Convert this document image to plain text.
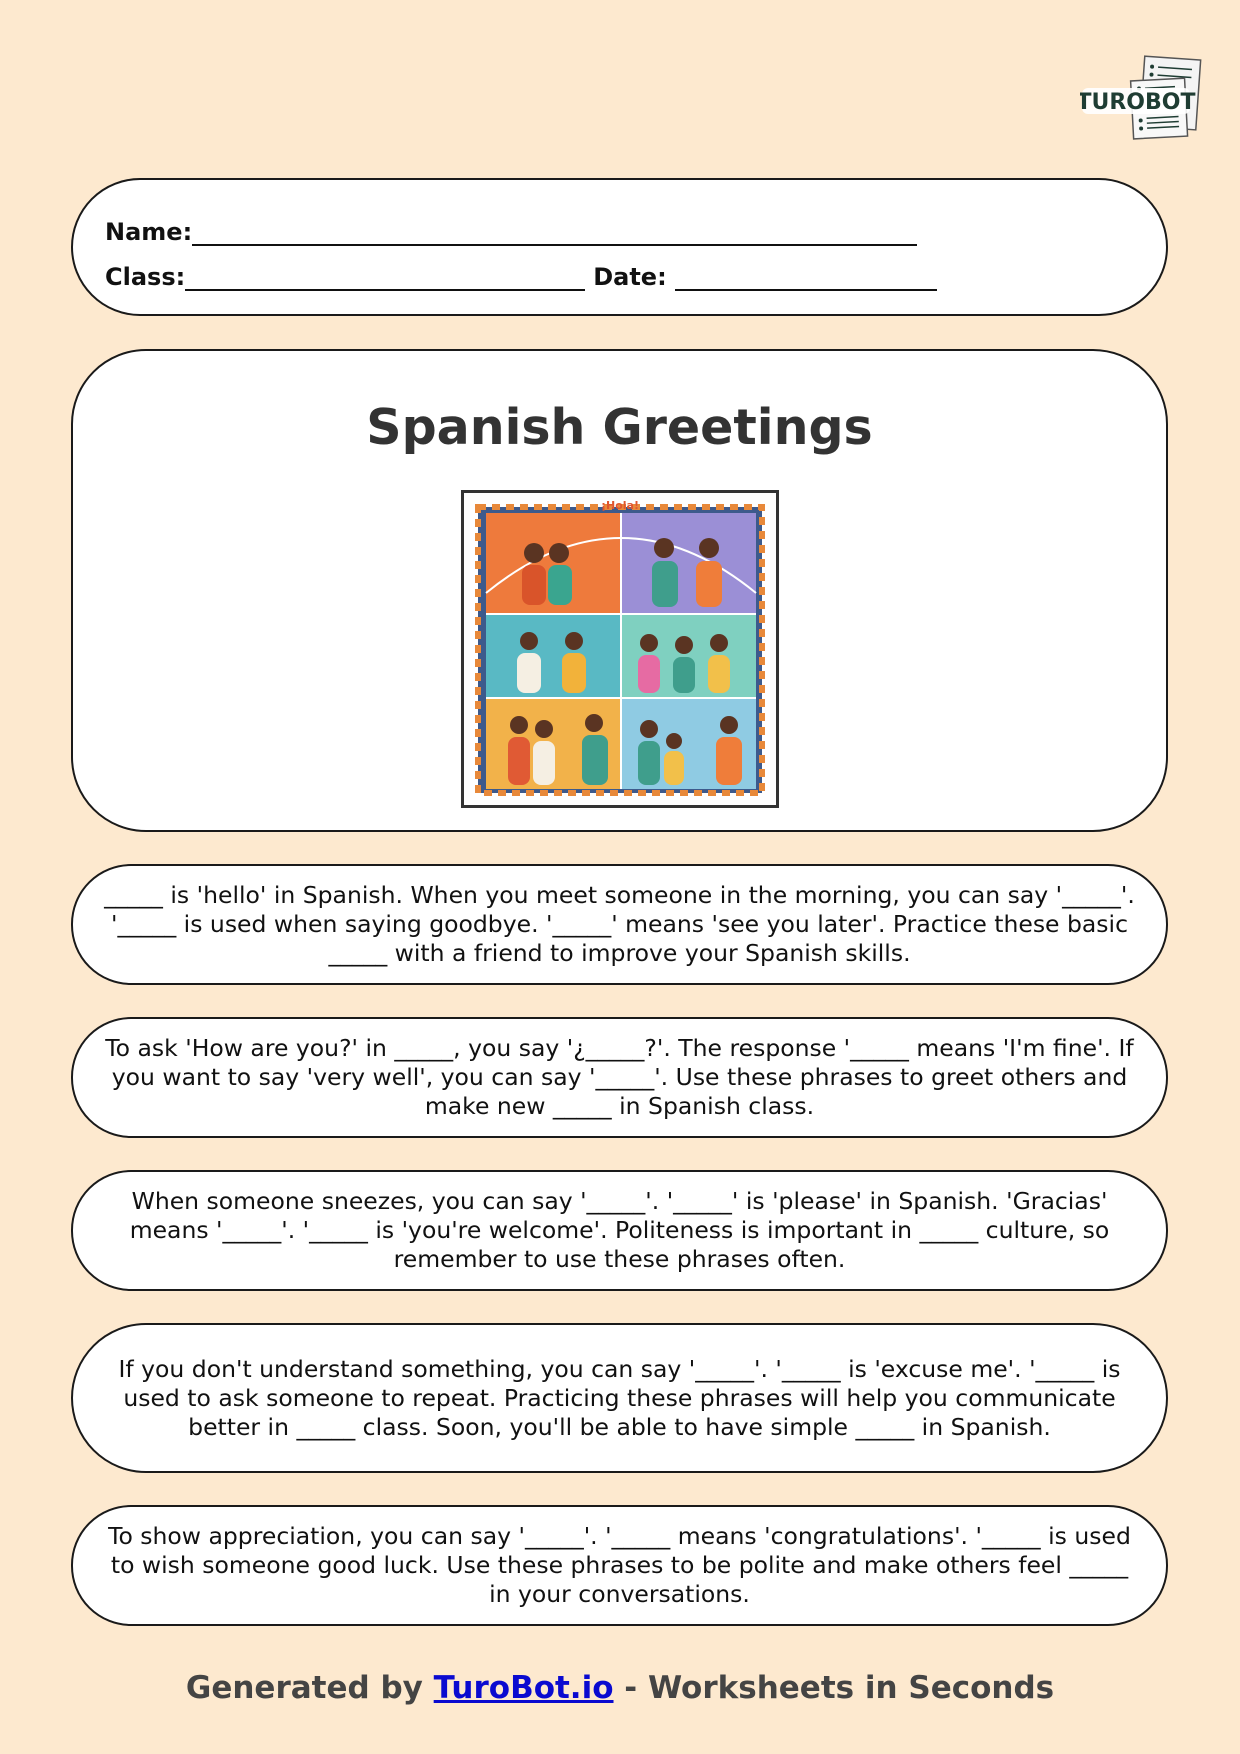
TUROBOT
Name:
Class:	Date:
Spanish Greetings
¡Hola!
_____ is 'hello' in Spanish. When you meet someone in the morning, you can say '_____'. '_____ is used when saying goodbye. '_____' means 'see you later'. Practice these basic _____ with a friend to improve your Spanish skills.
To ask 'How are you?' in _____, you say '¿_____?'. The response '_____ means 'I'm fine'. If you want to say 'very well', you can say '_____'. Use these phrases to greet others and make new _____ in Spanish class.
When someone sneezes, you can say '_____'. '_____' is 'please' in Spanish. 'Gracias' means '_____'. '_____ is 'you're welcome'. Politeness is important in _____ culture, so remember to use these phrases often.
If you don't understand something, you can say '_____'. '_____ is 'excuse me'. '_____ is used to ask someone to repeat. Practicing these phrases will help you communicate better in _____ class. Soon, you'll be able to have simple _____ in Spanish.
To show appreciation, you can say '_____'. '_____ means 'congratulations'. '_____ is used to wish someone good luck. Use these phrases to be polite and make others feel _____ in your conversations.
Generated by TuroBot.io - Worksheets in Seconds
